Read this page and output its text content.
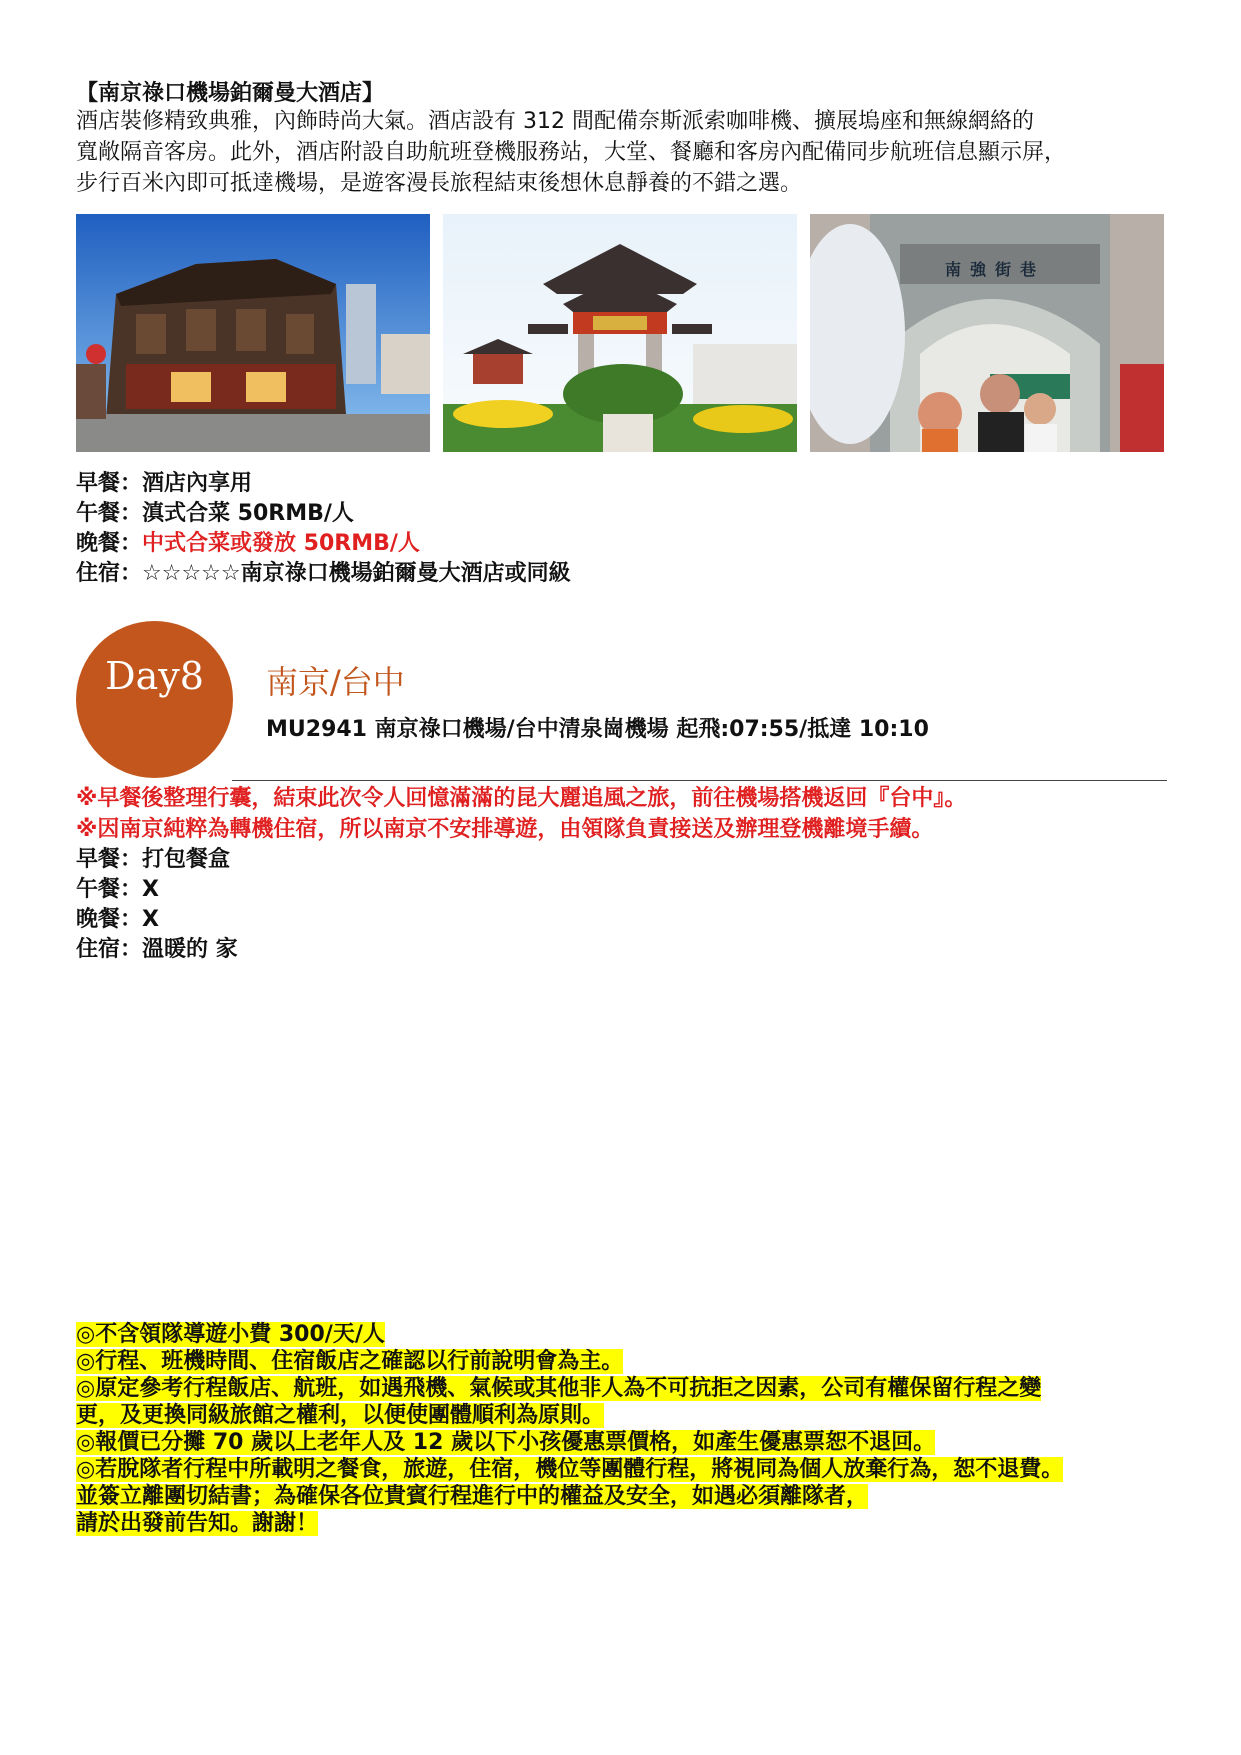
【南京祿口機場鉑爾曼大酒店】
酒店裝修精致典雅，內飾時尚大氣。酒店設有 312 間配備奈斯派索咖啡機、擴展塢座和無線網絡的
寬敞隔音客房。此外，酒店附設自助航班登機服務站，大堂、餐廳和客房內配備同步航班信息顯示屏，
步行百米內即可抵達機場，是遊客漫長旅程結束後想休息靜養的不錯之選。
南強街巷
早餐：酒店內享用
午餐：滇式合菜 50RMB/人
晚餐：中式合菜或發放 50RMB/人
住宿：☆☆☆☆☆南京祿口機場鉑爾曼大酒店或同級
Day8	南京/台中
MU2941 南京祿口機場/台中清泉崗機場 起飛:07:55/抵達 10:10
※早餐後整理行囊，結束此次令人回憶滿滿的昆大麗追風之旅，前往機場搭機返回『台中』。
※因南京純粹為轉機住宿，所以南京不安排導遊，由領隊負責接送及辦理登機離境手續。
早餐：打包餐盒
午餐：X
晚餐：X
住宿：溫暖的 家
◎不含領隊導遊小費 300/天/人
◎行程、班機時間、住宿飯店之確認以行前說明會為主。
◎原定參考行程飯店、航班，如遇飛機、氣候或其他非人為不可抗拒之因素，公司有權保留行程之變
更，及更換同級旅館之權利，以便使團體順利為原則。
◎報價已分攤 70 歲以上老年人及 12 歲以下小孩優惠票價格，如產生優惠票恕不退回。
◎若脫隊者行程中所載明之餐食，旅遊，住宿，機位等團體行程，將視同為個人放棄行為，恕不退費。
並簽立離團切結書；為確保各位貴賓行程進行中的權益及安全，如遇必須離隊者，
請於出發前告知。謝謝！
